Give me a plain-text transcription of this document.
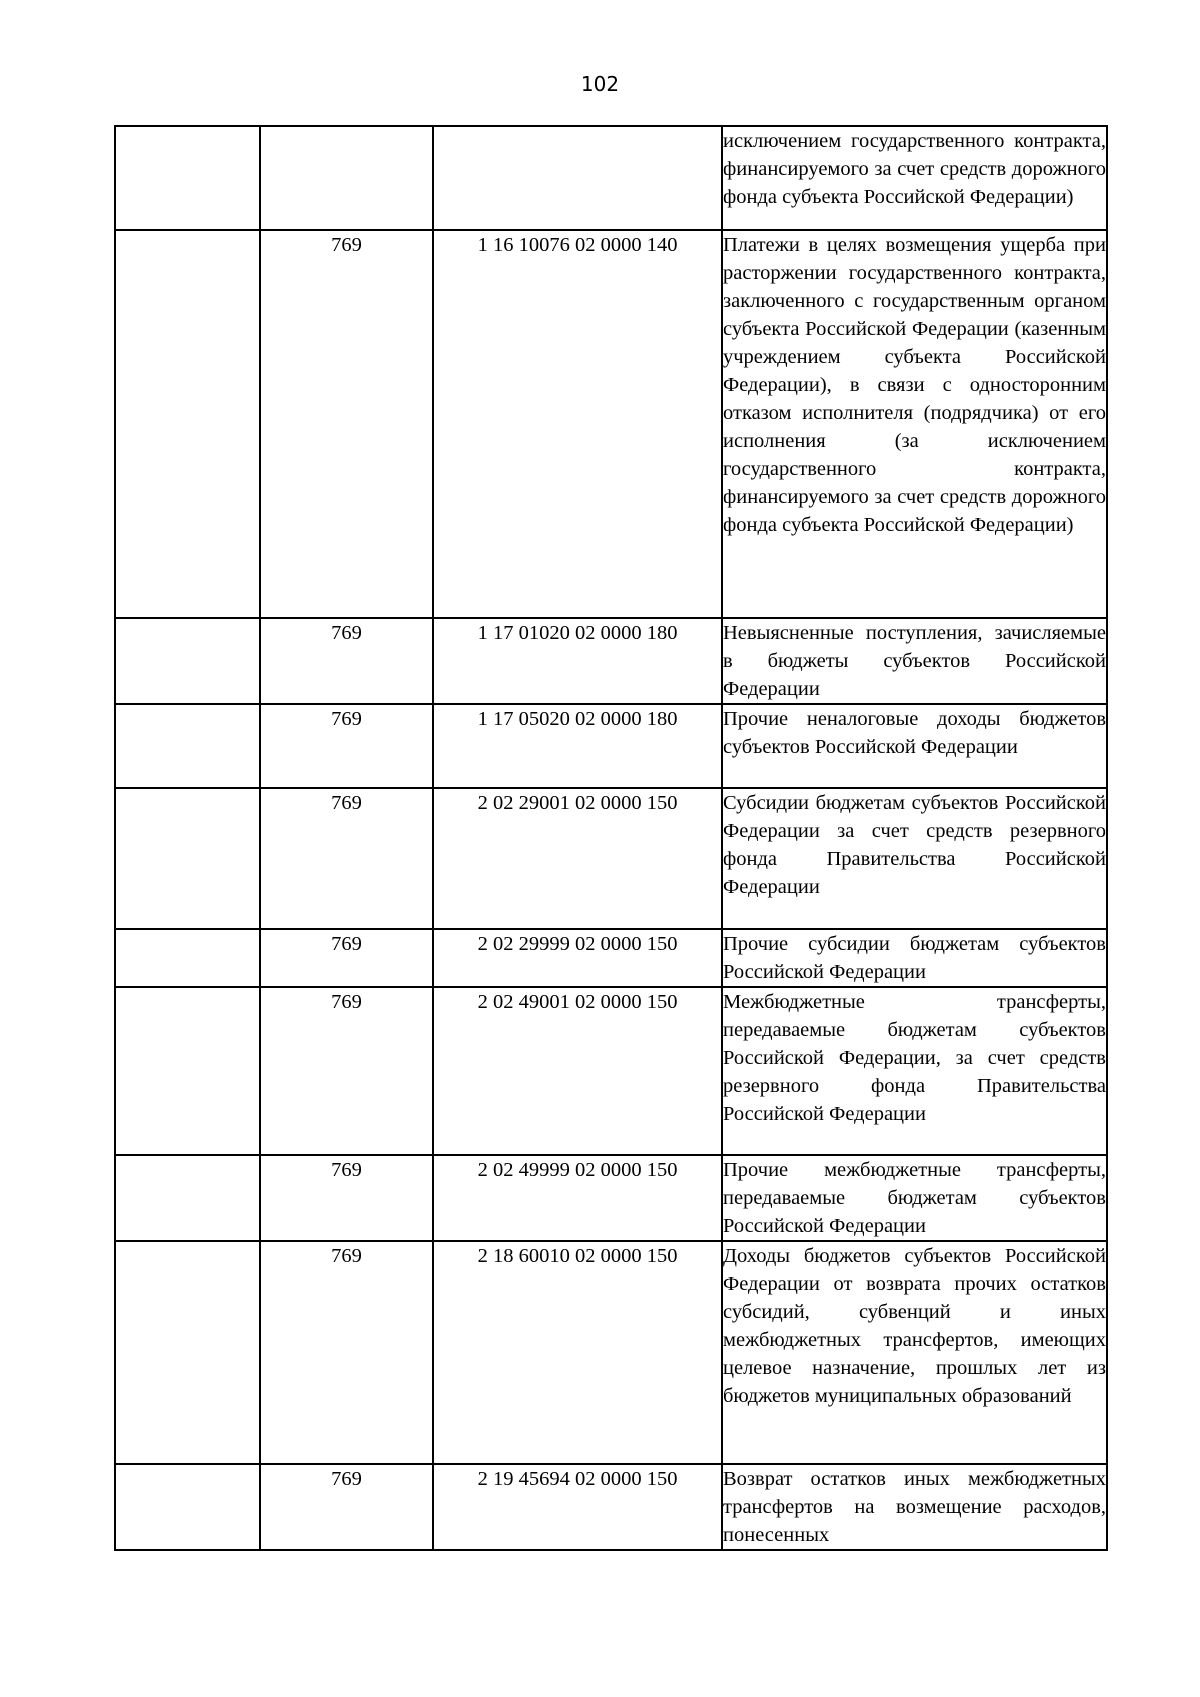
102
			исключением государственного контракта, финансируемого за счет средств дорожного фонда субъекта Российской Федерации)
	769	1 16 10076 02 0000 140	Платежи в целях возмещения ущерба при расторжении государственного контракта, заключенного с государственным органом субъекта Российской Федерации (казенным учреждением субъекта Российской Федерации), в связи с односторонним отказом исполнителя (подрядчика) от его исполнения (за исключением государственного контракта, финансируемого за счет средств дорожного фонда субъекта Российской Федерации)
	769	1 17 01020 02 0000 180	Невыясненные поступления, зачисляемые в бюджеты субъектов Российской Федерации
	769	1 17 05020 02 0000 180	Прочие неналоговые доходы бюджетов субъектов Российской Федерации
	769	2 02 29001 02 0000 150	Субсидии бюджетам субъектов Российской Федерации за счет средств резервного фонда Правительства Российской Федерации
	769	2 02 29999 02 0000 150	Прочие субсидии бюджетам субъектов Российской Федерации
	769	2 02 49001 02 0000 150	Межбюджетные трансферты, передаваемые бюджетам субъектов Российской Федерации, за счет средств резервного фонда Правительства Российской Федерации
	769	2 02 49999 02 0000 150	Прочие межбюджетные трансферты, передаваемые бюджетам субъектов Российской Федерации
	769	2 18 60010 02 0000 150	Доходы бюджетов субъектов Российской Федерации от возврата прочих остатков субсидий, субвенций и иных межбюджетных трансфертов, имеющих целевое назначение, прошлых лет из бюджетов муниципальных образований
	769	2 19 45694 02 0000 150	Возврат остатков иных межбюджетных трансфертов на возмещение расходов, понесенных
